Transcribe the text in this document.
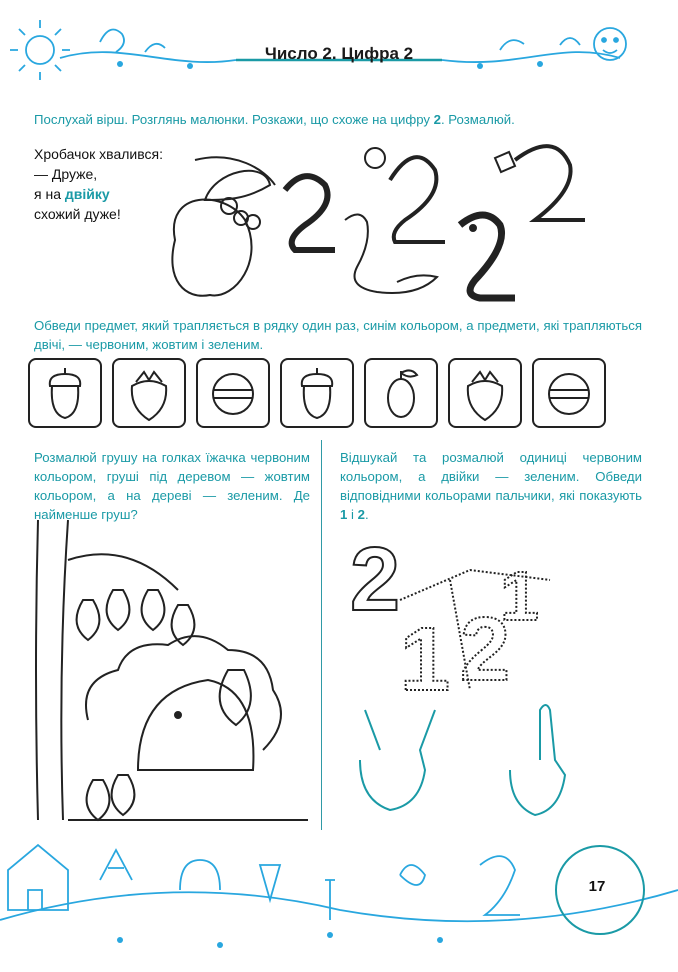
Число 2. Цифра 2
Послухай вірш. Розглянь малюнки. Розкажи, що схоже на цифру 2. Розмалюй.
Хробачок хвалився:
— Друже,
я на двійку
схожий дуже!
Обведи предмет, який трапляється в рядку один раз, синім кольором, а предмети, які трапляються двічі, — червоним, жовтим і зеленим.
Розмалюй грушу на голках їжачка червоним кольором, груші під деревом — жовтим кольором, а на дереві — зеленим. Де найменше груш?
Відшукай та розмалюй одиниці червоним кольором, а двійки — зеленим. Обведи відповідними кольорами пальчики, які показують 1 і 2.
2
1 2
1
17
